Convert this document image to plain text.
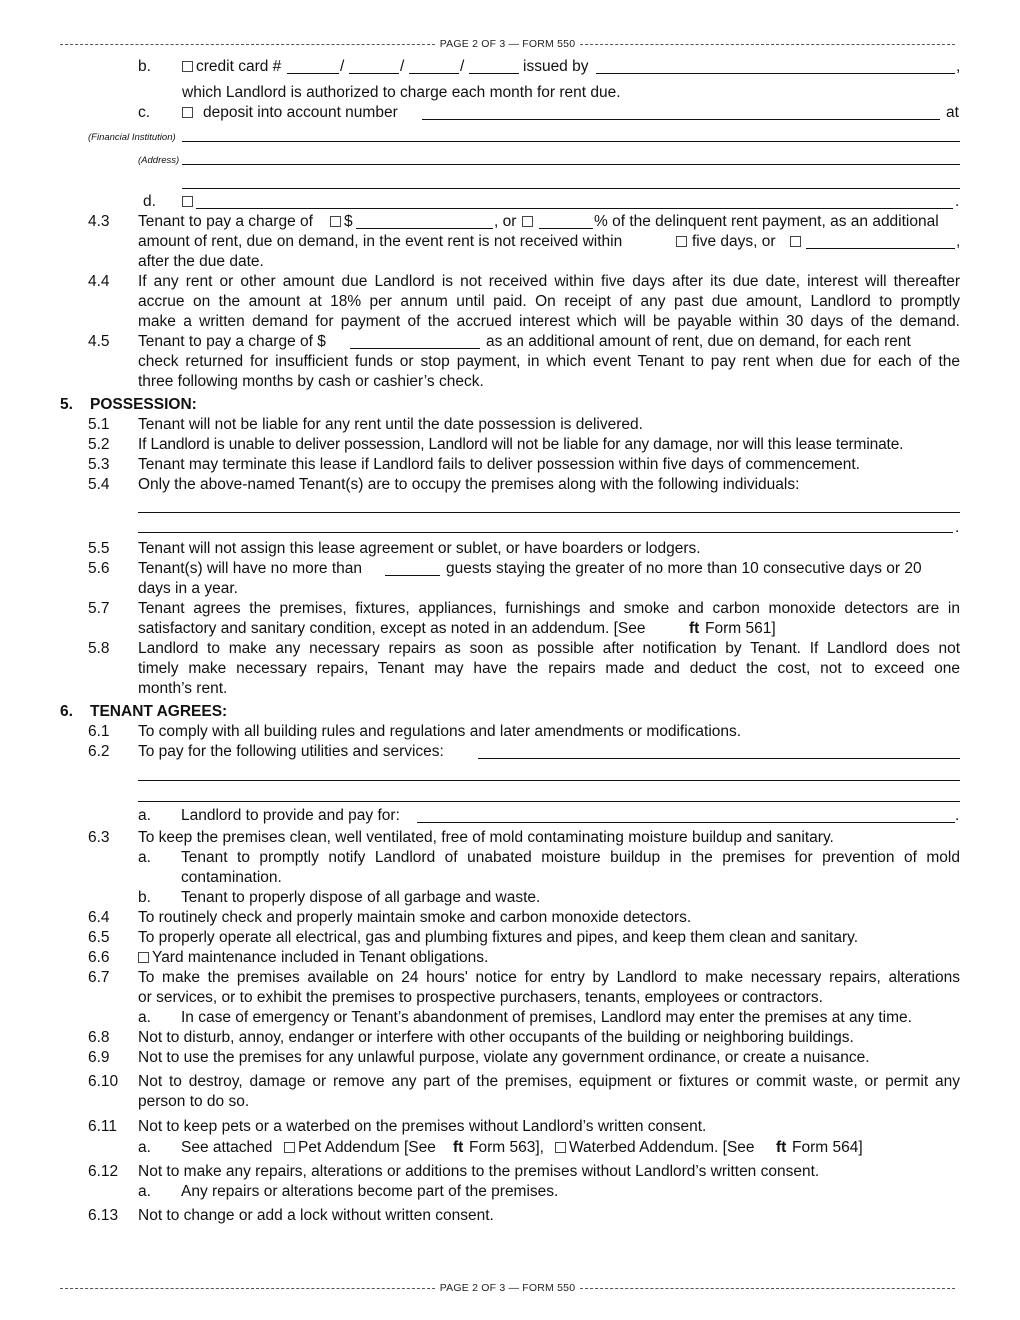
PAGE 2 OF 3 — FORM 550
b.	credit card #	/	/	/	issued by	,
which Landlord is authorized to charge each month for rent due.
c.	deposit into account number	at
(Financial Institution)
(Address)
d.	.
4.3 Tenant to pay a charge of	$	, or	% of the delinquent rent payment, as an additional
amount of rent, due on demand, in the event rent is not received within	five days, or	,
after the due date.
4.4 If any rent or other amount due Landlord is not received within five days after its due date, interest will thereafter
accrue on the amount at 18% per annum until paid. On receipt of any past due amount, Landlord to promptly
make a written demand for payment of the accrued interest which will be payable within 30 days of the demand.
4.5 Tenant to pay a charge of $	as an additional amount of rent, due on demand, for each rent
check returned for insufficient funds or stop payment, in which event Tenant to pay rent when due for each of the
three following months by cash or cashier’s check.
5. POSSESSION:
5.1 Tenant will not be liable for any rent until the date possession is delivered.
5.2 If Landlord is unable to deliver possession, Landlord will not be liable for any damage, nor will this lease terminate.
5.3 Tenant may terminate this lease if Landlord fails to deliver possession within five days of commencement.
5.4 Only the above-named Tenant(s) are to occupy the premises along with the following individuals:
.
5.5 Tenant will not assign this lease agreement or sublet, or have boarders or lodgers.
5.6 Tenant(s) will have no more than	guests staying the greater of no more than 10 consecutive days or 20
days in a year.
5.7 Tenant agrees the premises, fixtures, appliances, furnishings and smoke and carbon monoxide detectors are in
satisfactory and sanitary condition, except as noted in an addendum. [See	ft Form 561]
5.8 Landlord to make any necessary repairs as soon as possible after notification by Tenant. If Landlord does not
timely make necessary repairs, Tenant may have the repairs made and deduct the cost, not to exceed one
month’s rent.
6. TENANT AGREES:
6.1 To comply with all building rules and regulations and later amendments or modifications.
6.2 To pay for the following utilities and services:
a. Landlord to provide and pay for:	.
6.3 To keep the premises clean, well ventilated, free of mold contaminating moisture buildup and sanitary.
a. Tenant to promptly notify Landlord of unabated moisture buildup in the premises for prevention of mold
contamination.
b. Tenant to properly dispose of all garbage and waste.
6.4 To routinely check and properly maintain smoke and carbon monoxide detectors.
6.5 To properly operate all electrical, gas and plumbing fixtures and pipes, and keep them clean and sanitary.
6.6	Yard maintenance included in Tenant obligations.
6.7 To make the premises available on 24 hours' notice for entry by Landlord to make necessary repairs, alterations
or services, or to exhibit the premises to prospective purchasers, tenants, employees or contractors.
a. In case of emergency or Tenant’s abandonment of premises, Landlord may enter the premises at any time.
6.8 Not to disturb, annoy, endanger or interfere with other occupants of the building or neighboring buildings.
6.9 Not to use the premises for any unlawful purpose, violate any government ordinance, or create a nuisance.
6.10 Not to destroy, damage or remove any part of the premises, equipment or fixtures or commit waste, or permit any
person to do so.
6.11 Not to keep pets or a waterbed on the premises without Landlord’s written consent.
a. See attached	Pet Addendum [See ft Form 563],	Waterbed Addendum. [See ft Form 564]
6.12 Not to make any repairs, alterations or additions to the premises without Landlord’s written consent.
a. Any repairs or alterations become part of the premises.
6.13 Not to change or add a lock without written consent.
PAGE 2 OF 3 — FORM 550
